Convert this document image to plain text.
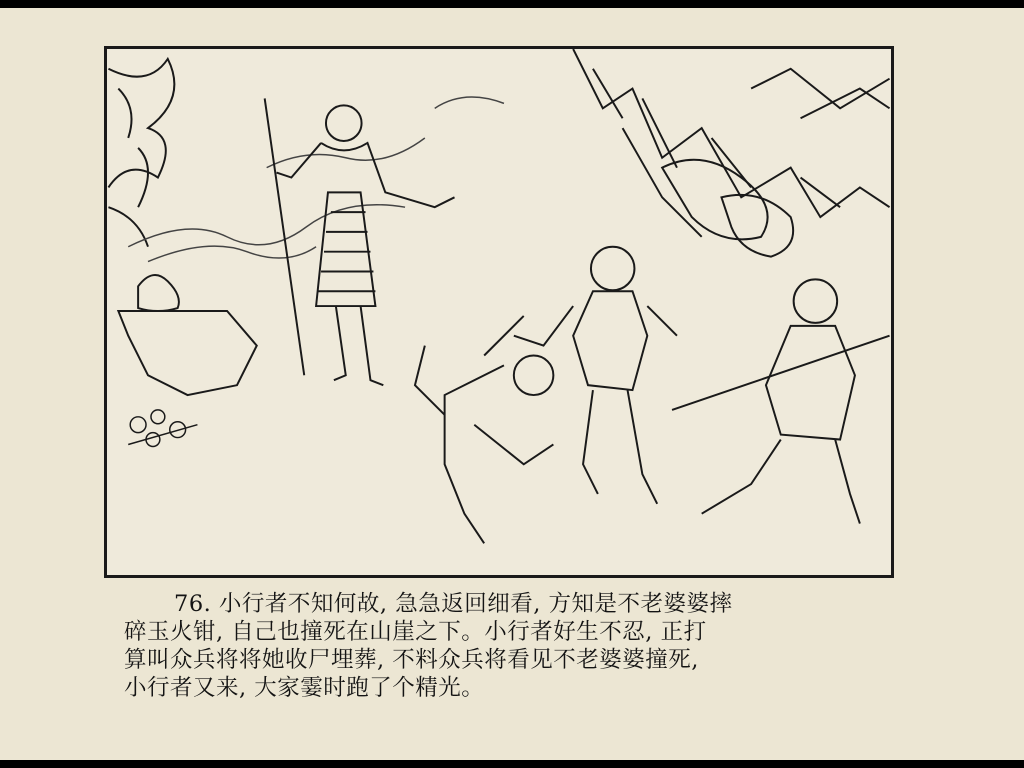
76. 小行者不知何故, 急急返回细看, 方知是不老婆婆摔
碎玉火钳, 自己也撞死在山崖之下。小行者好生不忍, 正打
算叫众兵将将她收尸埋葬, 不料众兵将看见不老婆婆撞死,
小行者又来, 大家霎时跑了个精光。
